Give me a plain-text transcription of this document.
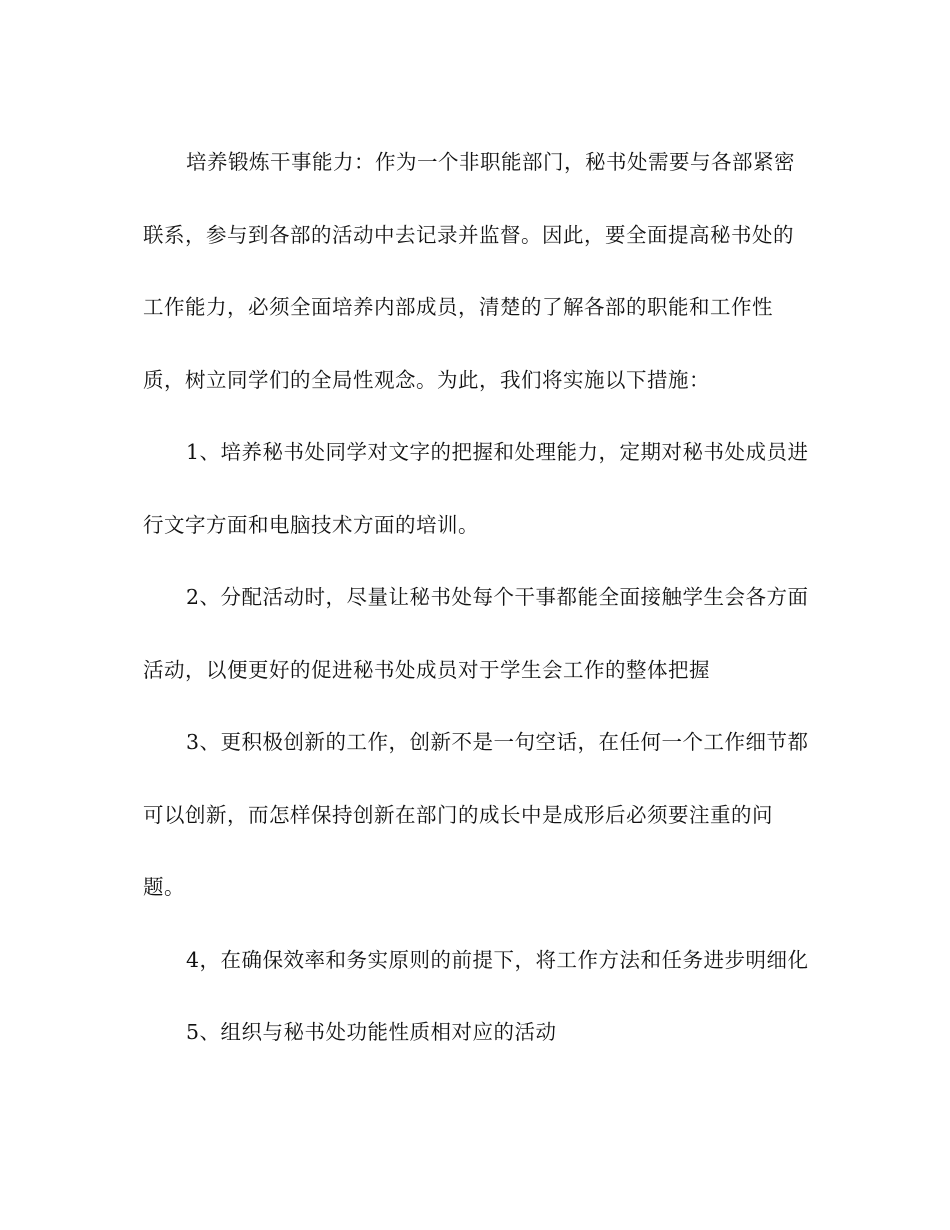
培养锻炼干事能力：作为一个非职能部门，秘书处需要与各部紧密联系，参与到各部的活动中去记录并监督。因此，要全面提高秘书处的工作能力，必须全面培养内部成员，清楚的了解各部的职能和工作性质，树立同学们的全局性观念。为此，我们将实施以下措施：

1、培养秘书处同学对文字的把握和处理能力，定期对秘书处成员进行文字方面和电脑技术方面的培训。

2、分配活动时，尽量让秘书处每个干事都能全面接触学生会各方面活动，以便更好的促进秘书处成员对于学生会工作的整体把握

3、更积极创新的工作，创新不是一句空话，在任何一个工作细节都可以创新，而怎样保持创新在部门的成长中是成形后必须要注重的问题。

4，在确保效率和务实原则的前提下，将工作方法和任务进步明细化

5、组织与秘书处功能性质相对应的活动
